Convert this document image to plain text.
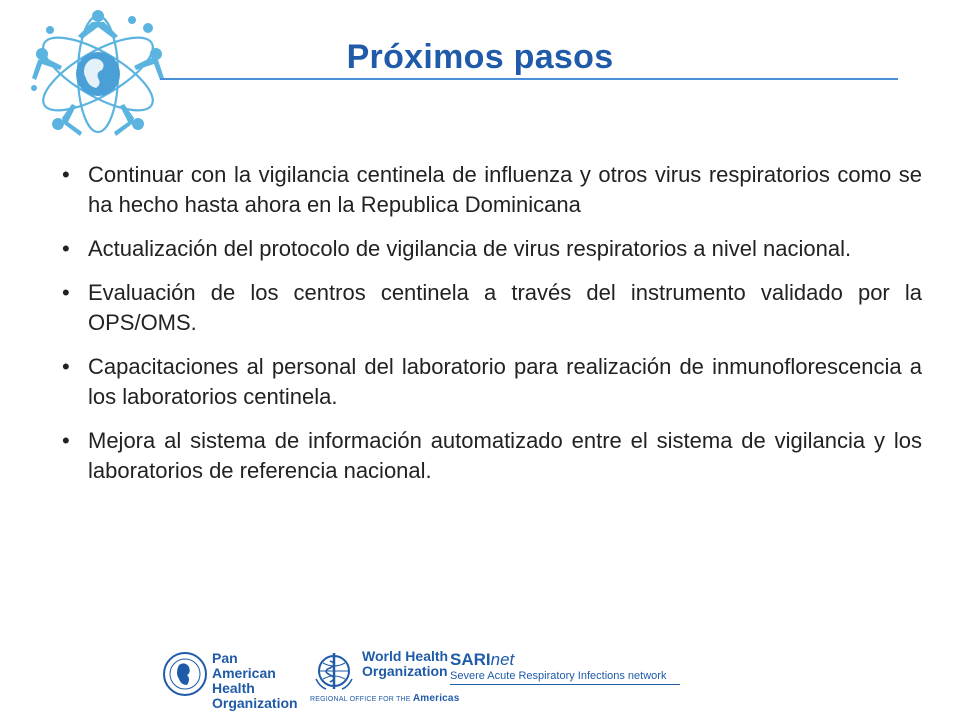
Próximos pasos
• Continuar con la vigilancia centinela de influenza y otros virus respiratorios como se ha hecho hasta ahora en la Republica Dominicana
• Actualización del protocolo de vigilancia de virus respiratorios a nivel nacional.
• Evaluación de los centros centinela a través del instrumento validado por la OPS/OMS.
• Capacitaciones al personal del laboratorio para realización de inmunoflorescencia a los laboratorios centinela.
• Mejora al sistema de información automatizado entre el sistema de vigilancia y los laboratorios de referencia nacional.
Pan American
Health
Organization
World Health
Organization
REGIONAL OFFICE FOR THE Americas
SARInet
Severe Acute Respiratory Infections network
